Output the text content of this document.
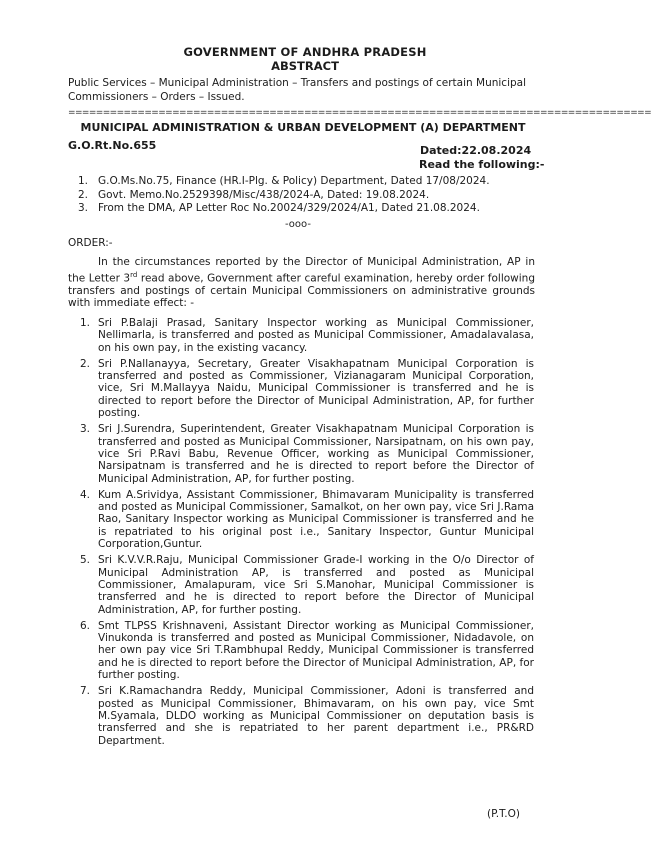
GOVERNMENT OF ANDHRA PRADESH
ABSTRACT
Public Services – Municipal Administration – Transfers and postings of certain Municipal Commissioners – Orders – Issued.
====================================================================================
MUNICIPAL ADMINISTRATION & URBAN DEVELOPMENT (A) DEPARTMENT
G.O.Rt.No.655	Dated:22.08.2024
Read the following:-
1. G.O.Ms.No.75, Finance (HR.I-Plg. & Policy) Department, Dated 17/08/2024.
2. Govt. Memo.No.2529398/Misc/438/2024-A, Dated: 19.08.2024.
3. From the DMA, AP Letter Roc No.20024/329/2024/A1, Dated 21.08.2024.
-ooo-
ORDER:-
In the circumstances reported by the Director of Municipal Administration, AP in the Letter 3rd read above, Government after careful examination, hereby order following transfers and postings of certain Municipal Commissioners on administrative grounds with immediate effect: -
1. Sri P.Balaji Prasad, Sanitary Inspector working as Municipal Commissioner, Nellimarla, is transferred and posted as Municipal Commissioner, Amadalavalasa, on his own pay, in the existing vacancy.
2. Sri P.Nallanayya, Secretary, Greater Visakhapatnam Municipal Corporation is transferred and posted as Commissioner, Vizianagaram Municipal Corporation, vice, Sri M.Mallayya Naidu, Municipal Commissioner is transferred and he is directed to report before the Director of Municipal Administration, AP, for further posting.
3. Sri J.Surendra, Superintendent, Greater Visakhapatnam Municipal Corporation is transferred and posted as Municipal Commissioner, Narsipatnam, on his own pay, vice Sri P.Ravi Babu, Revenue Officer, working as Municipal Commissioner, Narsipatnam is transferred and he is directed to report before the Director of Municipal Administration, AP, for further posting.
4. Kum A.Srividya, Assistant Commissioner, Bhimavaram Municipality is transferred and posted as Municipal Commissioner, Samalkot, on her own pay, vice Sri J.Rama Rao, Sanitary Inspector working as Municipal Commissioner is transferred and he is repatriated to his original post i.e., Sanitary Inspector, Guntur Municipal Corporation,Guntur.
5. Sri K.V.V.R.Raju, Municipal Commissioner Grade-I working in the O/o Director of Municipal Administration AP, is transferred and posted as Municipal Commissioner, Amalapuram, vice Sri S.Manohar, Municipal Commissioner is transferred and he is directed to report before the Director of Municipal Administration, AP, for further posting.
6. Smt TLPSS Krishnaveni, Assistant Director working as Municipal Commissioner, Vinukonda is transferred and posted as Municipal Commissioner, Nidadavole, on her own pay vice Sri T.Rambhupal Reddy, Municipal Commissioner is transferred and he is directed to report before the Director of Municipal Administration, AP, for further posting.
7. Sri K.Ramachandra Reddy, Municipal Commissioner, Adoni is transferred and posted as Municipal Commissioner, Bhimavaram, on his own pay, vice Smt M.Syamala, DLDO working as Municipal Commissioner on deputation basis is transferred and she is repatriated to her parent department i.e., PR&RD Department.
(P.T.O)
